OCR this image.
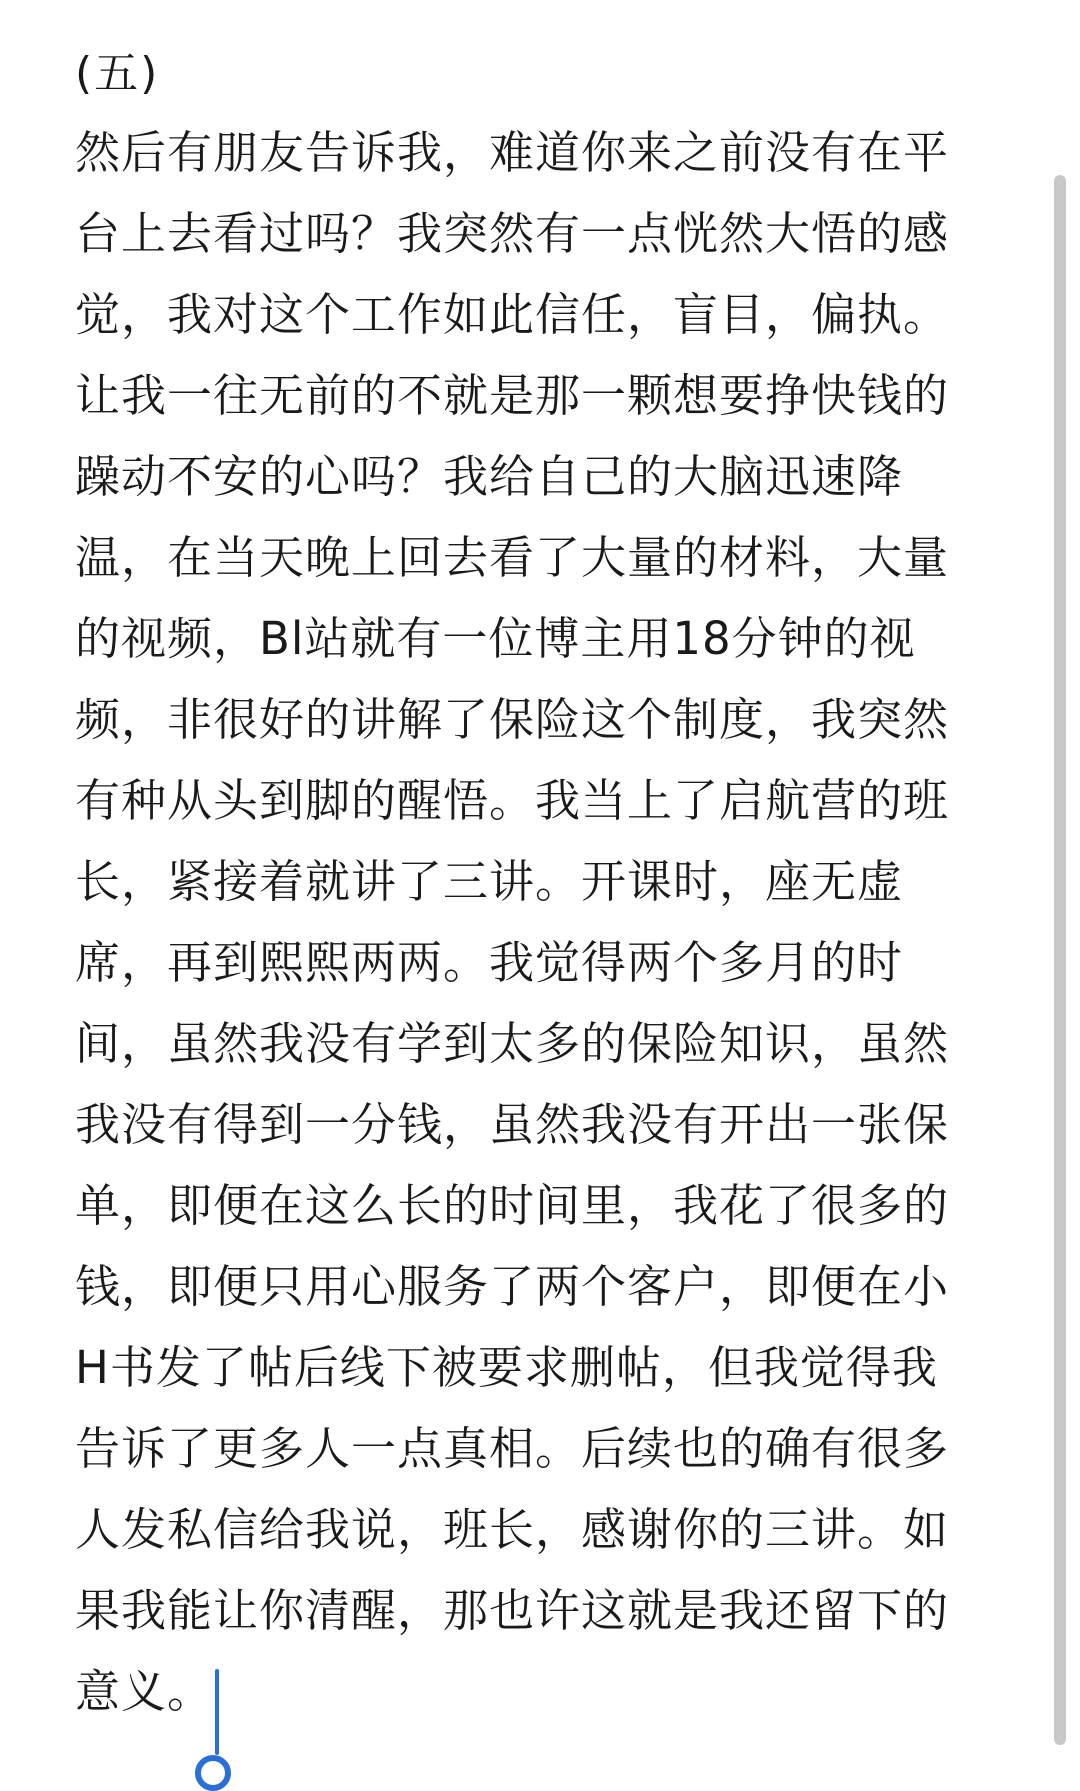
(五)
然后有朋友告诉我，难道你来之前没有在平
台上去看过吗？我突然有一点恍然大悟的感
觉，我对这个工作如此信任，盲目，偏执。
让我一往无前的不就是那一颗想要挣快钱的
躁动不安的心吗？我给自己的大脑迅速降
温，在当天晚上回去看了大量的材料，大量
的视频，Bl站就有一位博主用18分钟的视
频，非很好的讲解了保险这个制度，我突然
有种从头到脚的醒悟。我当上了启航营的班
长，紧接着就讲了三讲。开课时，座无虚
席，再到熙熙两两。我觉得两个多月的时
间，虽然我没有学到太多的保险知识，虽然
我没有得到一分钱，虽然我没有开出一张保
单，即便在这么长的时间里，我花了很多的
钱，即便只用心服务了两个客户，即便在小
H书发了帖后线下被要求删帖，但我觉得我
告诉了更多人一点真相。后续也的确有很多
人发私信给我说，班长，感谢你的三讲。如
果我能让你清醒，那也许这就是我还留下的
意义。
